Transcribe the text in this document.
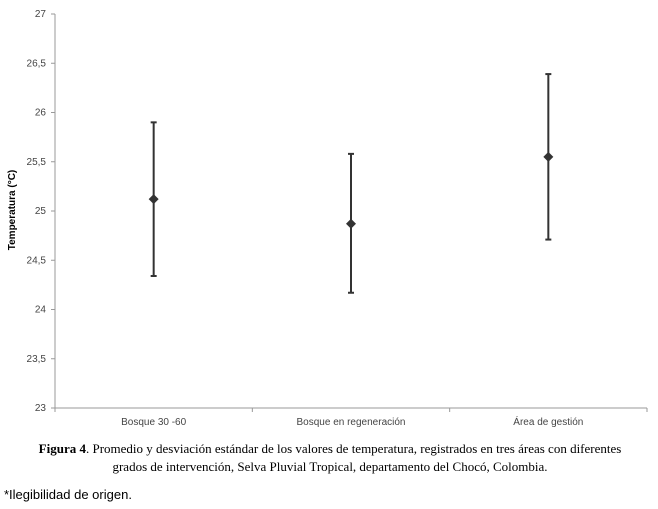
23
23,5
24
24,5
25
25,5
26
26,5
27
Bosque 30 -60	Bosque en regeneración	Área de gestión
Temperatura (°C)
Figura 4. Promedio y desviación estándar de los valores de temperatura, registrados en tres áreas con diferentes grados de intervención, Selva Pluvial Tropical, departamento del Chocó, Colombia.
*Ilegibilidad de origen.
